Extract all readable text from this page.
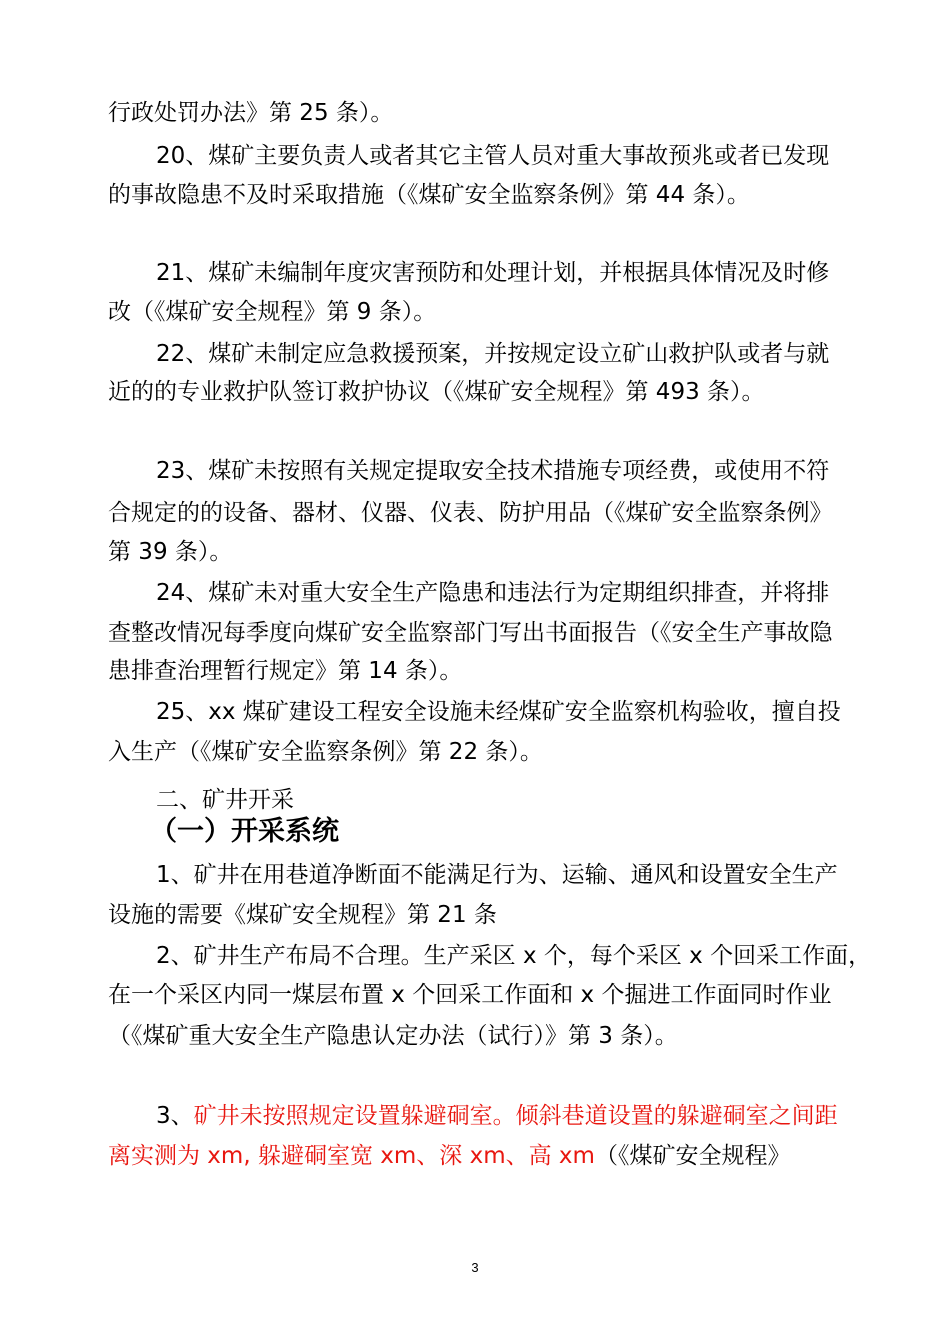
行政处罚办法》第 25 条）。
20、煤矿主要负责人或者其它主管人员对重大事故预兆或者已发现
的事故隐患不及时采取措施（《煤矿安全监察条例》第 44 条）。
21、煤矿未编制年度灾害预防和处理计划，并根据具体情况及时修
改（《煤矿安全规程》第 9 条）。
22、煤矿未制定应急救援预案，并按规定设立矿山救护队或者与就
近的的专业救护队签订救护协议（《煤矿安全规程》第 493 条）。
23、煤矿未按照有关规定提取安全技术措施专项经费，或使用不符
合规定的的设备、器材、仪器、仪表、防护用品（《煤矿安全监察条例》
第 39 条）。
24、煤矿未对重大安全生产隐患和违法行为定期组织排查，并将排
查整改情况每季度向煤矿安全监察部门写出书面报告（《安全生产事故隐
患排查治理暂行规定》第 14 条）。
25、xx 煤矿建设工程安全设施未经煤矿安全监察机构验收，擅自投
入生产（《煤矿安全监察条例》第 22 条）。
二、矿井开采
（一）开采系统
1、矿井在用巷道净断面不能满足行为、运输、通风和设置安全生产
设施的需要《煤矿安全规程》第 21 条
2、矿井生产布局不合理。生产采区 x 个，每个采区 x 个回采工作面，
在一个采区内同一煤层布置 x 个回采工作面和 x 个掘进工作面同时作业
（《煤矿重大安全生产隐患认定办法（试行）》第 3 条）。
3、矿井未按照规定设置躲避硐室。倾斜巷道设置的躲避硐室之间距
离实测为 xm, 躲避硐室宽 xm、深 xm、高 xm（《煤矿安全规程》
3
